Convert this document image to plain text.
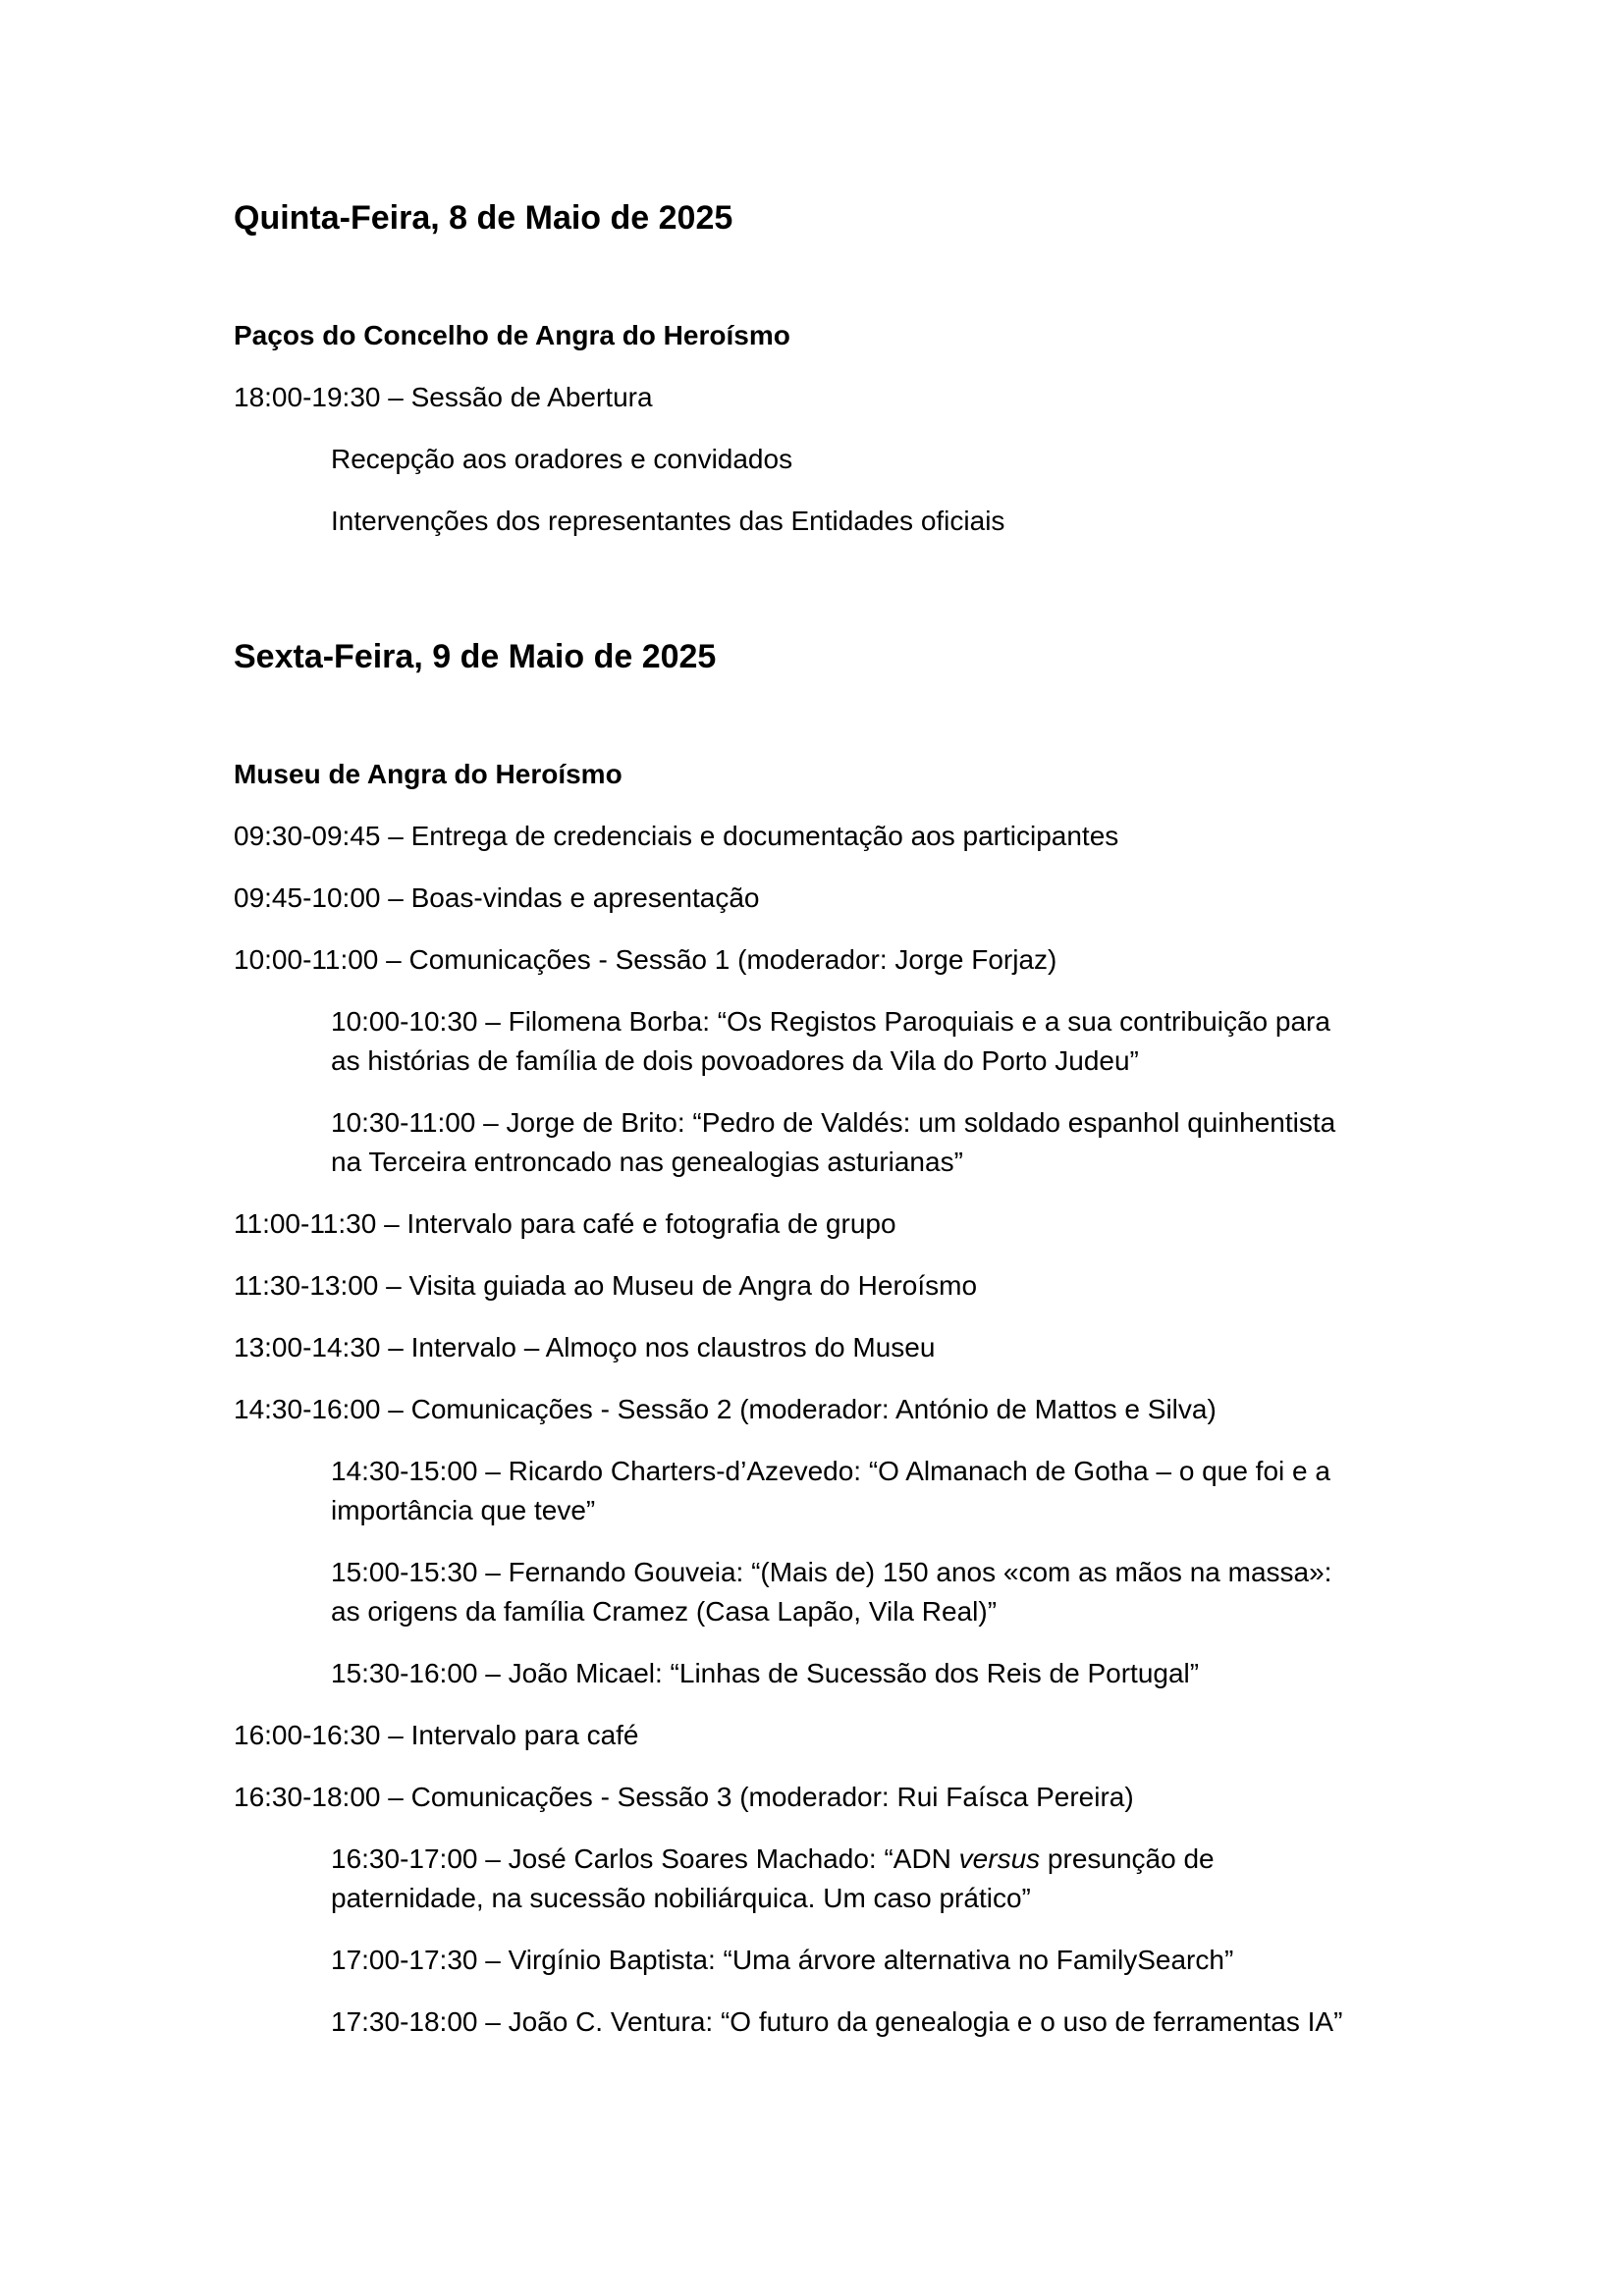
Quinta-Feira, 8 de Maio de 2025

Paços do Concelho de Angra do Heroísmo

18:00-19:30 – Sessão de Abertura

Recepção aos oradores e convidados

Intervenções dos representantes das Entidades oficiais

Sexta-Feira, 9 de Maio de 2025

Museu de Angra do Heroísmo

09:30-09:45 – Entrega de credenciais e documentação aos participantes

09:45-10:00 – Boas-vindas e apresentação

10:00-11:00 – Comunicações - Sessão 1 (moderador: Jorge Forjaz)

10:00-10:30 – Filomena Borba: “Os Registos Paroquiais e a sua contribuição para

as histórias de família de dois povoadores da Vila do Porto Judeu”

10:30-11:00 – Jorge de Brito: “Pedro de Valdés: um soldado espanhol quinhentista

na Terceira entroncado nas genealogias asturianas”

11:00-11:30 – Intervalo para café e fotografia de grupo

11:30-13:00 – Visita guiada ao Museu de Angra do Heroísmo

13:00-14:30 – Intervalo – Almoço nos claustros do Museu

14:30-16:00 – Comunicações - Sessão 2 (moderador: António de Mattos e Silva)

14:30-15:00 – Ricardo Charters-d’Azevedo: “O Almanach de Gotha – o que foi e a

importância que teve”

15:00-15:30 – Fernando Gouveia: “(Mais de) 150 anos «com as mãos na massa»:

as origens da família Cramez (Casa Lapão, Vila Real)”

15:30-16:00 – João Micael: “Linhas de Sucessão dos Reis de Portugal”

16:00-16:30 – Intervalo para café

16:30-18:00 – Comunicações - Sessão 3 (moderador: Rui Faísca Pereira)

16:30-17:00 – José Carlos Soares Machado: “ADN versus presunção de

paternidade, na sucessão nobiliárquica. Um caso prático”

17:00-17:30 – Virgínio Baptista: “Uma árvore alternativa no FamilySearch”

17:30-18:00 – João C. Ventura: “O futuro da genealogia e o uso de ferramentas IA”
